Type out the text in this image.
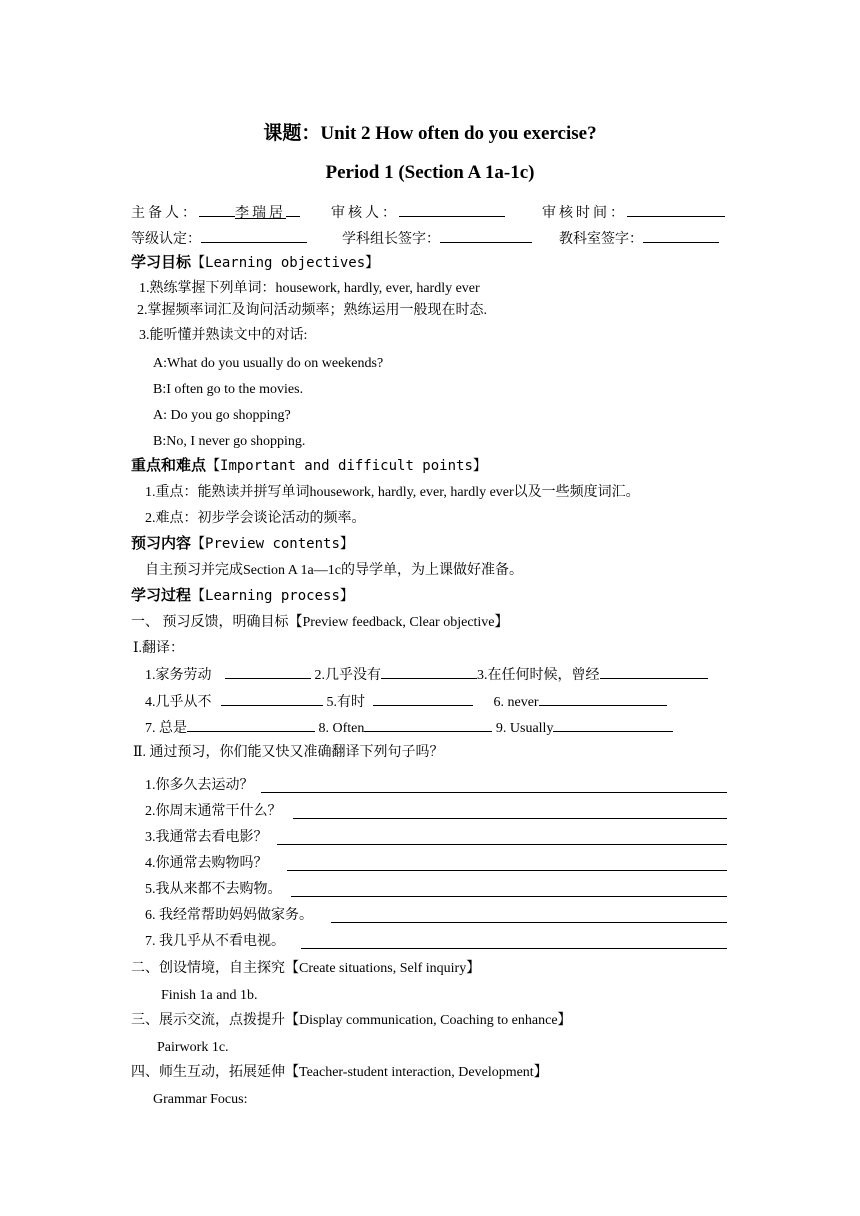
课题：Unit 2 How often do you exercise?
Period 1 (Section A 1a-1c)
主备人：	李瑞居	审核人：	审核时间：
等级认定：	学科组长签字：	教科室签字：
学习目标【Learning objectives】
1.熟练掌握下列单词：housework, hardly, ever, hardly ever
2.掌握频率词汇及询问活动频率；熟练运用一般现在时态.
3.能听懂并熟读文中的对话:
A:What do you usually do on weekends?
B:I often go to the movies.
A: Do you go shopping?
B:No, I never go shopping.
重点和难点【Important and difficult points】
1.重点：能熟读并拼写单词housework, hardly, ever, hardly ever以及一些频度词汇。
2.难点：初步学会谈论活动的频率。
预习内容【Preview contents】
自主预习并完成Section A 1a—1c的导学单，为上课做好准备。
学习过程【Learning process】
一、 预习反馈，明确目标【Preview feedback, Clear objective】
Ⅰ.翻译：
1.家务劳动	2.几乎没有	3.在任何时候，曾经
4.几乎从不	5.有时	6. never
7. 总是	8. Often	9. Usually
Ⅱ. 通过预习，你们能又快又准确翻译下列句子吗？
1.你多久去运动？
2.你周末通常干什么？
3.我通常去看电影？
4.你通常去购物吗？
5.我从来都不去购物。
6. 我经常帮助妈妈做家务。
7. 我几乎从不看电视。
二、创设情境，自主探究【Create situations, Self inquiry】
Finish 1a and 1b.
三、展示交流，点拨提升【Display communication, Coaching to enhance】
Pairwork 1c.
四、师生互动，拓展延伸【Teacher-student interaction, Development】
Grammar Focus:
